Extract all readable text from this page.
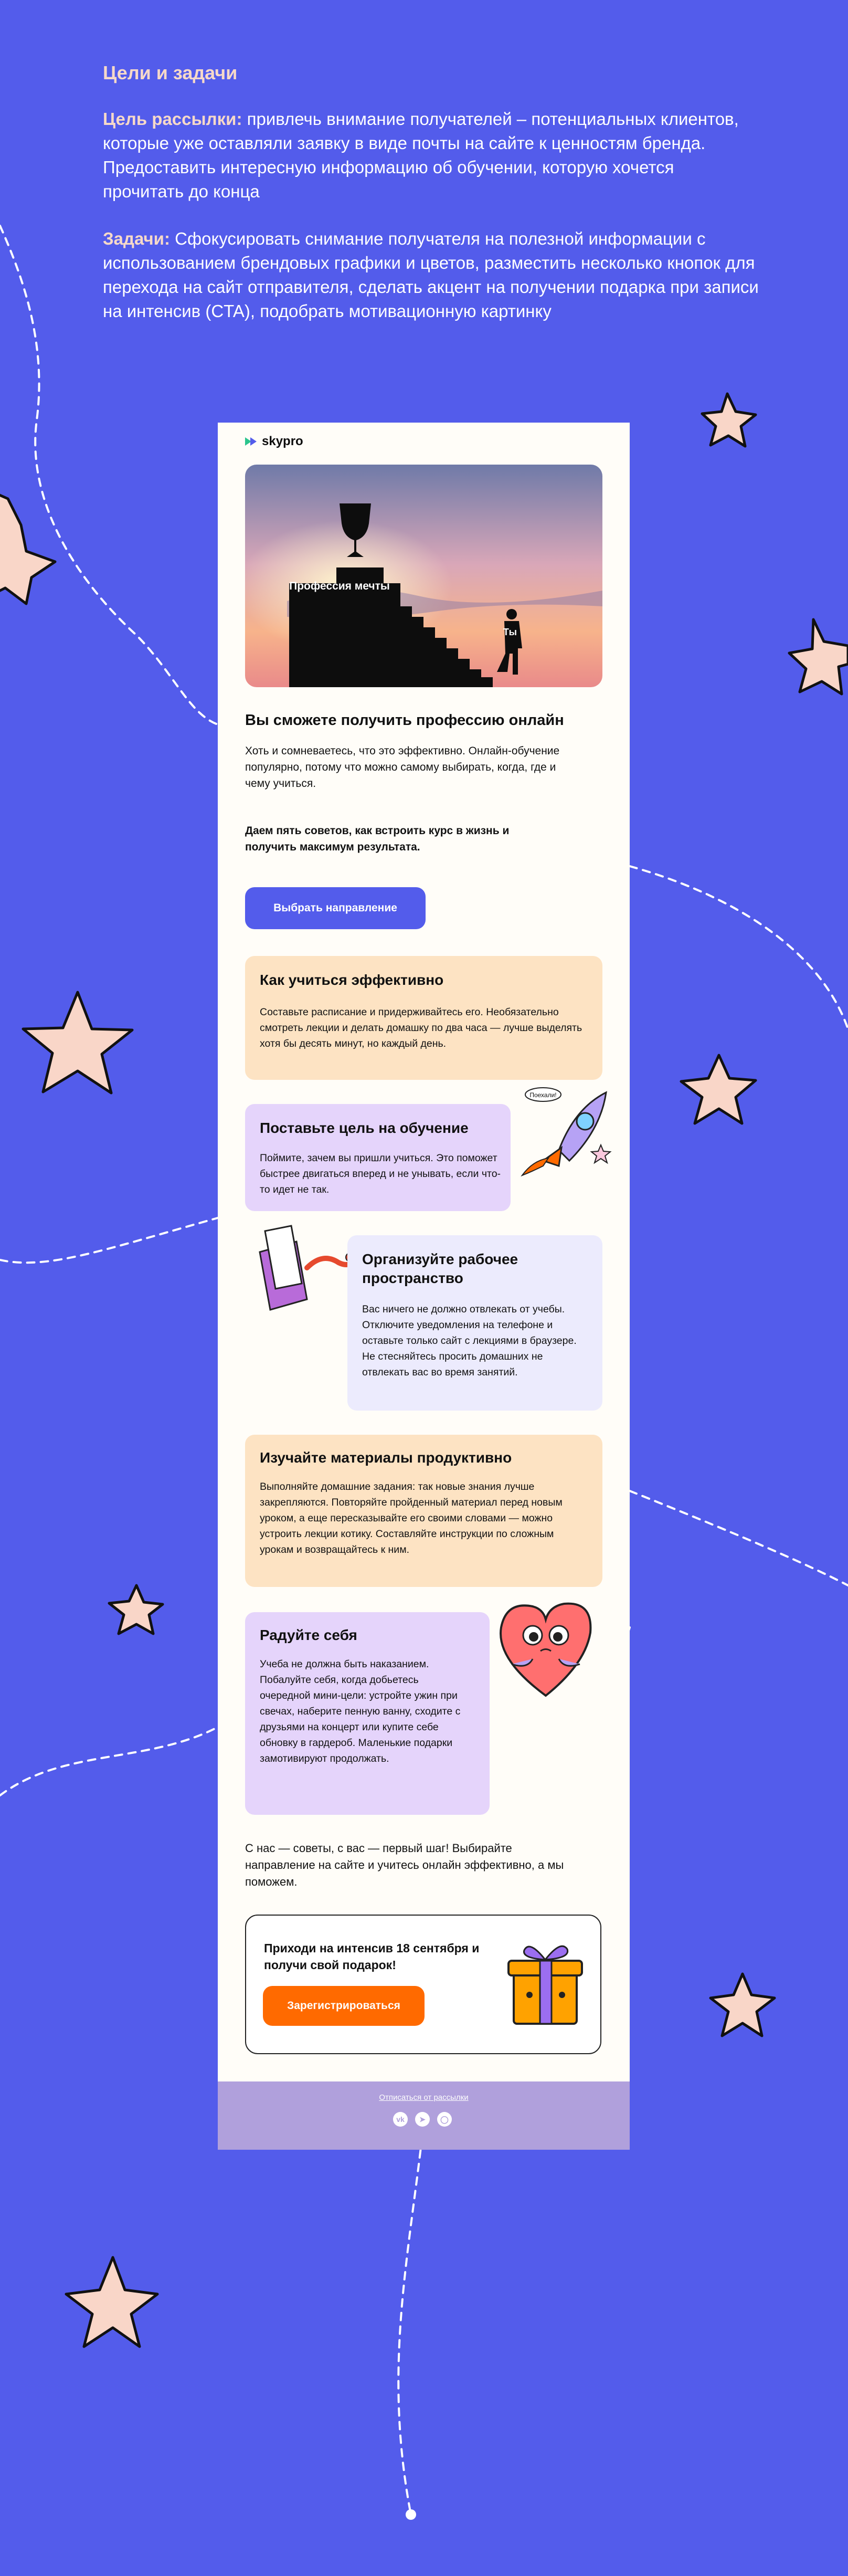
Цели и задачи

Цель рассылки: привлечь внимание получателей – потенциальных клиентов, которые уже оставляли заявку в виде почты на сайте к ценностям бренда. Предоставить интересную информацию об обучении, которую хочется прочитать до конца

Задачи: Сфокусировать снимание получателя на полезной информации с использованием брендовых графики и цветов, разместить несколько кнопок для перехода на сайт отправителя, сделать акцент на получении подарка при записи на интенсив (CTA), подобрать мотивационную картинку

skypro
Профессия мечты
Ты
Вы сможете получить профессию онлайн
Хоть и сомневаетесь, что это эффективно. Онлайн-обучение популярно, потому что можно самому выбирать, когда, где и чему учиться.
Даем пять советов, как встроить курс в жизнь и получить максимум результата.
Выбрать направление
Как учиться эффективно
Составьте расписание и придерживайтесь его. Необязательно смотреть лекции и делать домашку по два часа — лучше выделять хотя бы десять минут, но каждый день.
Поставьте цель на обучение
Поймите, зачем вы пришли учиться. Это поможет быстрее двигаться вперед и не унывать, если что-то идет не так.
Поехали!
Организуйте рабочее пространство
Вас ничего не должно отвлекать от учебы. Отключите уведомления на телефоне и оставьте только сайт с лекциями в браузере. Не стесняйтесь просить домашних не отвлекать вас во время занятий.
Изучайте материалы продуктивно
Выполняйте домашние задания: так новые знания лучше закрепляются. Повторяйте пройденный материал перед новым уроком, а еще пересказывайте его своими словами — можно устроить лекции котику. Составляйте инструкции по сложным урокам и возвращайтесь к ним.
Радуйте себя
Учеба не должна быть наказанием. Побалуйте себя, когда добьетесь очередной мини-цели: устройте ужин при свечах, наберите пенную ванну, сходите с друзьями на концерт или купите себе обновку в гардероб. Маленькие подарки замотивируют продолжать.
С нас — советы, с вас — первый шаг! Выбирайте направление на сайте и учитесь онлайн эффективно, а мы поможем.
Приходи на интенсив 18 сентября и получи свой подарок!
Зарегистрироваться
Отписаться от рассылки
vk	➤	◯
